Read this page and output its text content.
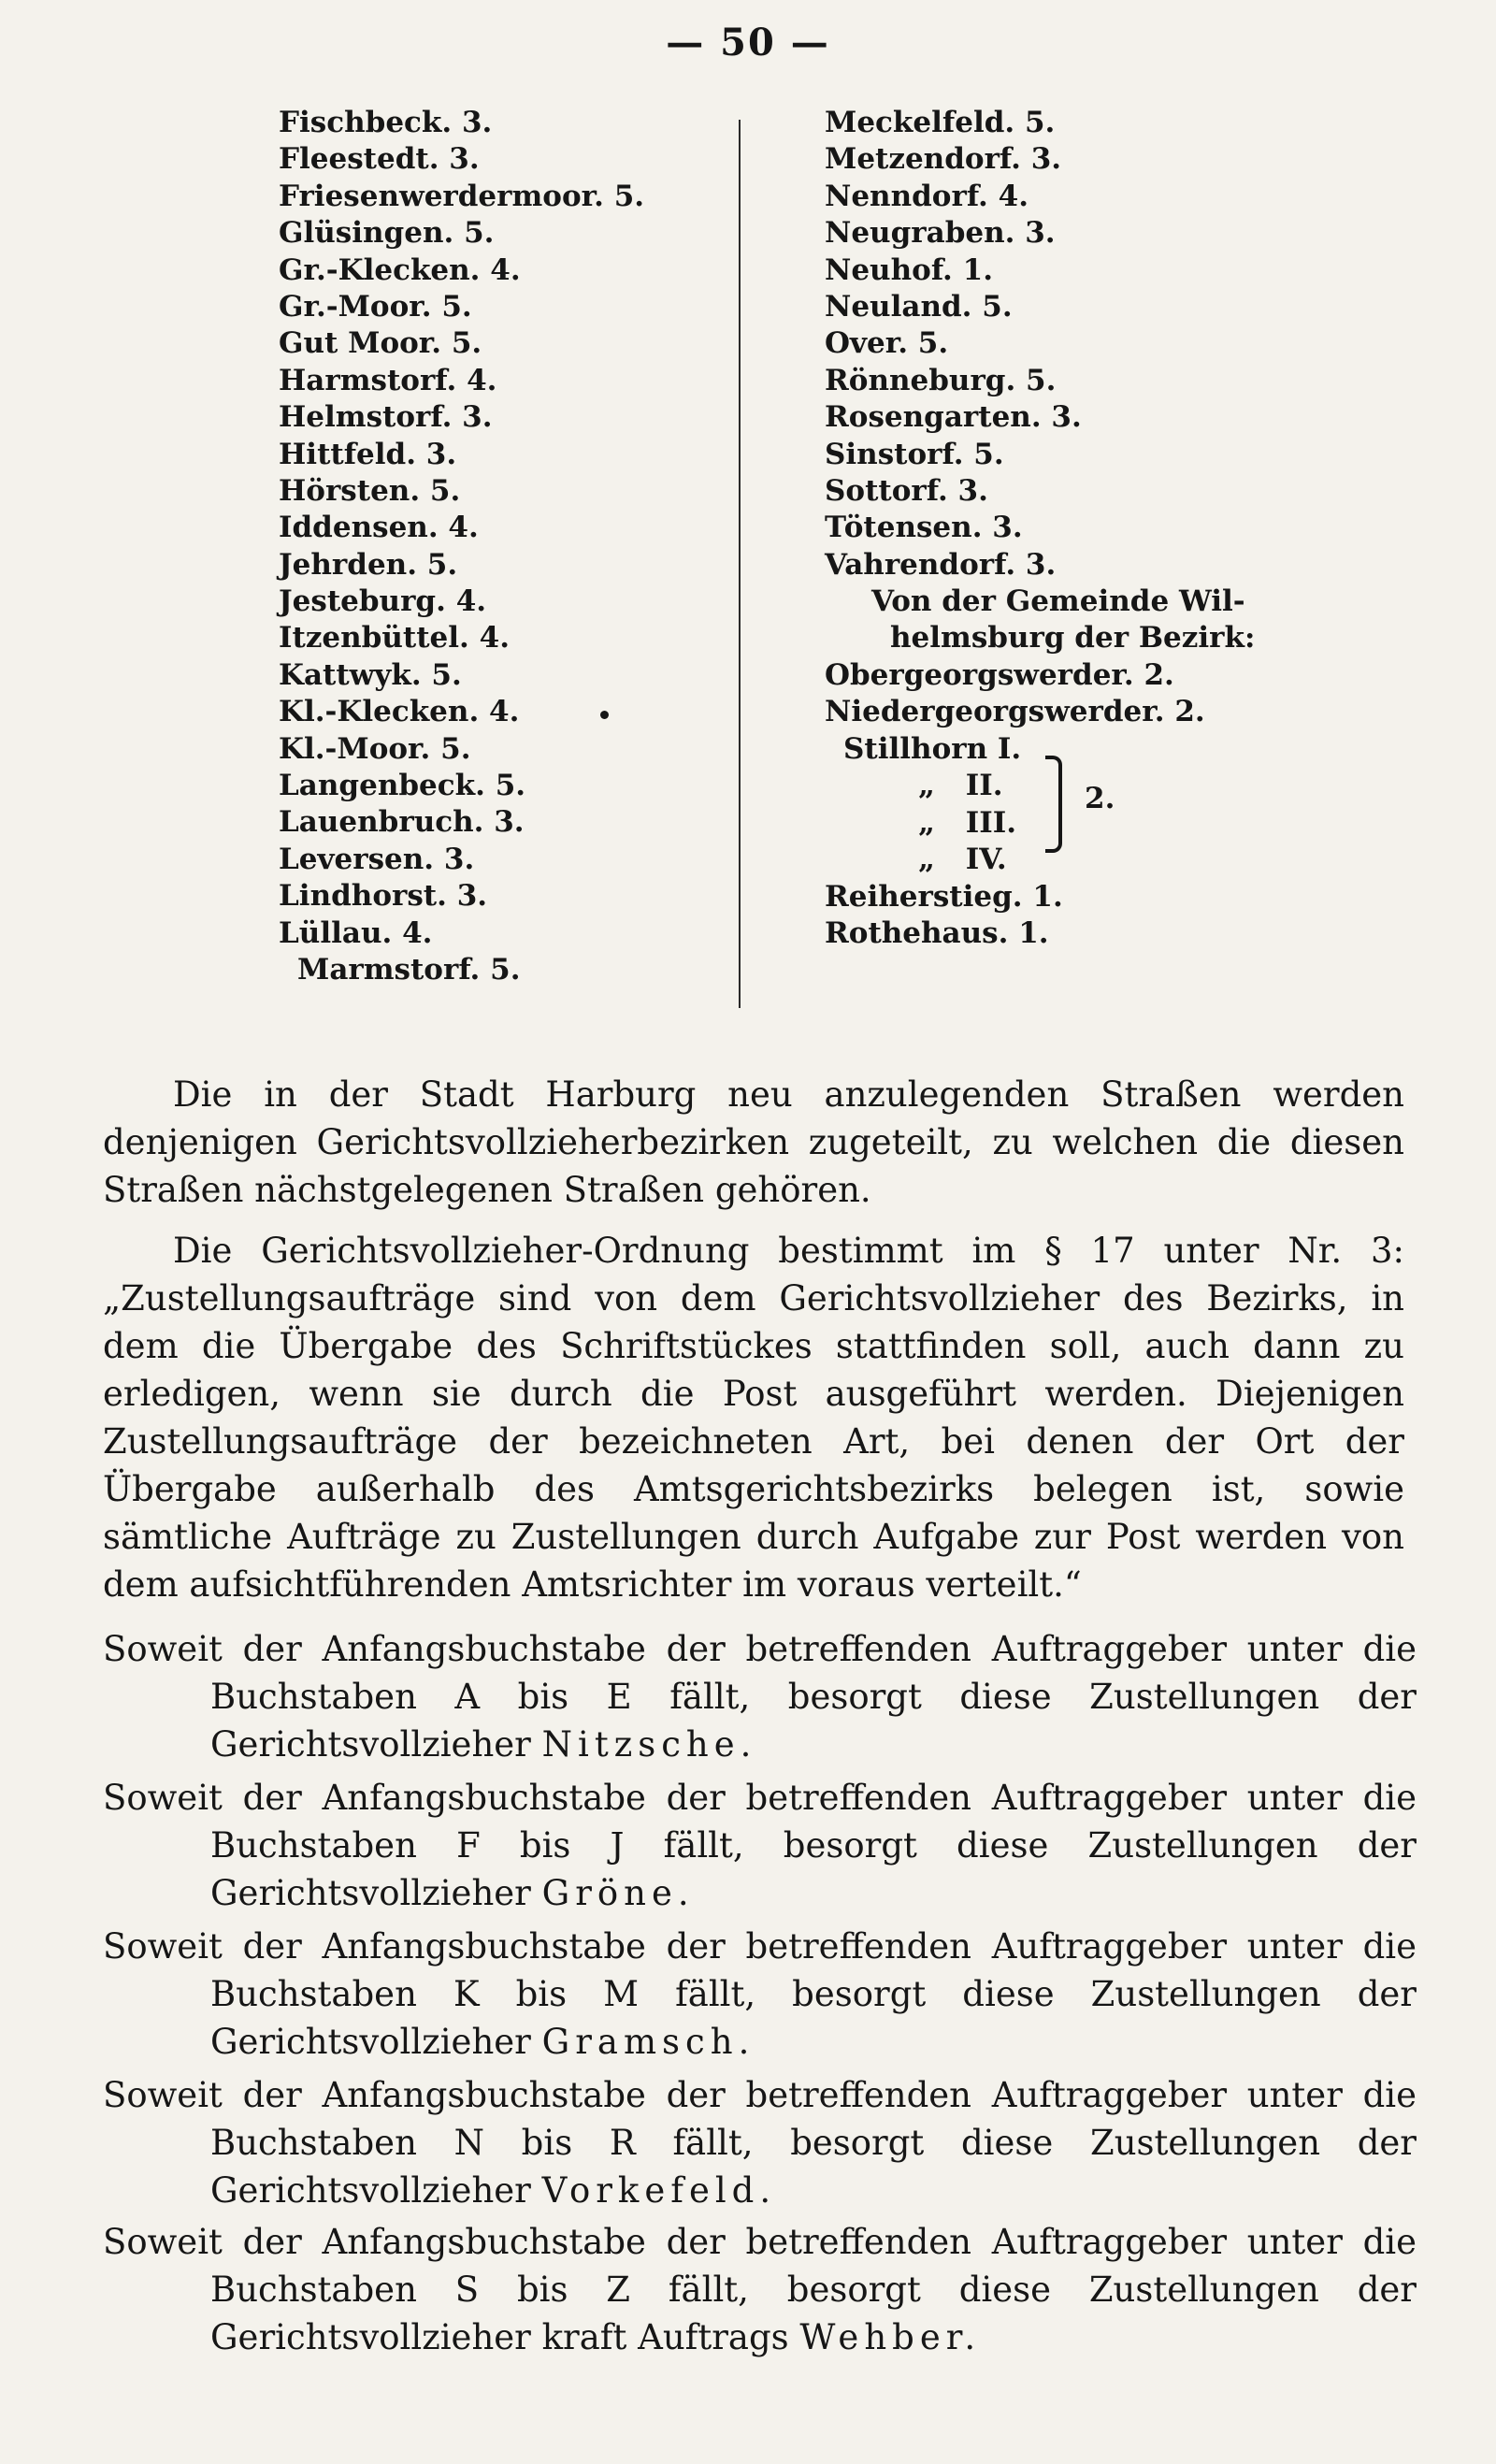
— 50 —
Fischbeck. 3.
Fleestedt. 3.
Friesenwerdermoor. 5.
Glüsingen. 5.
Gr.-Klecken. 4.
Gr.-Moor. 5.
Gut Moor. 5.
Harmstorf. 4.
Helmstorf. 3.
Hittfeld. 3.
Hörsten. 5.
Iddensen. 4.
Jehrden. 5.
Jesteburg. 4.
Itzenbüttel. 4.
Kattwyk. 5.
Kl.-Klecken. 4.
Kl.-Moor. 5.
Langenbeck. 5.
Lauenbruch. 3.
Leversen. 3.
Lindhorst. 3.
Lüllau. 4.
Marmstorf. 5.
Meckelfeld. 5.
Metzendorf. 3.
Nenndorf. 4.
Neugraben. 3.
Neuhof. 1.
Neuland. 5.
Over. 5.
Rönneburg. 5.
Rosengarten. 3.
Sinstorf. 5.
Sottorf. 3.
Tötensen. 3.
Vahrendorf. 3.
Von der Gemeinde Wil-
helmsburg der Bezirk:
Obergeorgswerder. 2.
Niedergeorgswerder. 2.
Stillhorn I.
„ II.
„ III.
„ IV.
2.
Reiherstieg. 1.
Rothehaus. 1.

Die in der Stadt Harburg neu anzulegenden Straßen werden denjenigen Gerichtsvollzieherbezirken zugeteilt, zu welchen die diesen Straßen nächstgelegenen Straßen gehören.

Die Gerichtsvollzieher-Ordnung bestimmt im § 17 unter Nr. 3: „Zustellungsaufträge sind von dem Gerichtsvollzieher des Bezirks, in dem die Übergabe des Schriftstückes stattfinden soll, auch dann zu erledigen, wenn sie durch die Post ausgeführt werden. Diejenigen Zustellungsaufträge der bezeichneten Art, bei denen der Ort der Übergabe außerhalb des Amtsgerichtsbezirks belegen ist, sowie sämtliche Aufträge zu Zustellungen durch Aufgabe zur Post werden von dem aufsichtführenden Amtsrichter im voraus verteilt.“

Soweit der Anfangsbuchstabe der betreffenden Auftraggeber unter die Buchstaben A bis E fällt, besorgt diese Zustellungen der Gerichtsvollzieher Nitzsche.
Soweit der Anfangsbuchstabe der betreffenden Auftraggeber unter die Buchstaben F bis J fällt, besorgt diese Zustellungen der Gerichtsvollzieher Gröne.
Soweit der Anfangsbuchstabe der betreffenden Auftraggeber unter die Buchstaben K bis M fällt, besorgt diese Zustellungen der Gerichtsvollzieher Gramsch.
Soweit der Anfangsbuchstabe der betreffenden Auftraggeber unter die Buchstaben N bis R fällt, besorgt diese Zustellungen der Gerichtsvollzieher Vorkefeld.
Soweit der Anfangsbuchstabe der betreffenden Auftraggeber unter die Buchstaben S bis Z fällt, besorgt diese Zustellungen der Gerichtsvollzieher kraft Auftrags Wehber.
